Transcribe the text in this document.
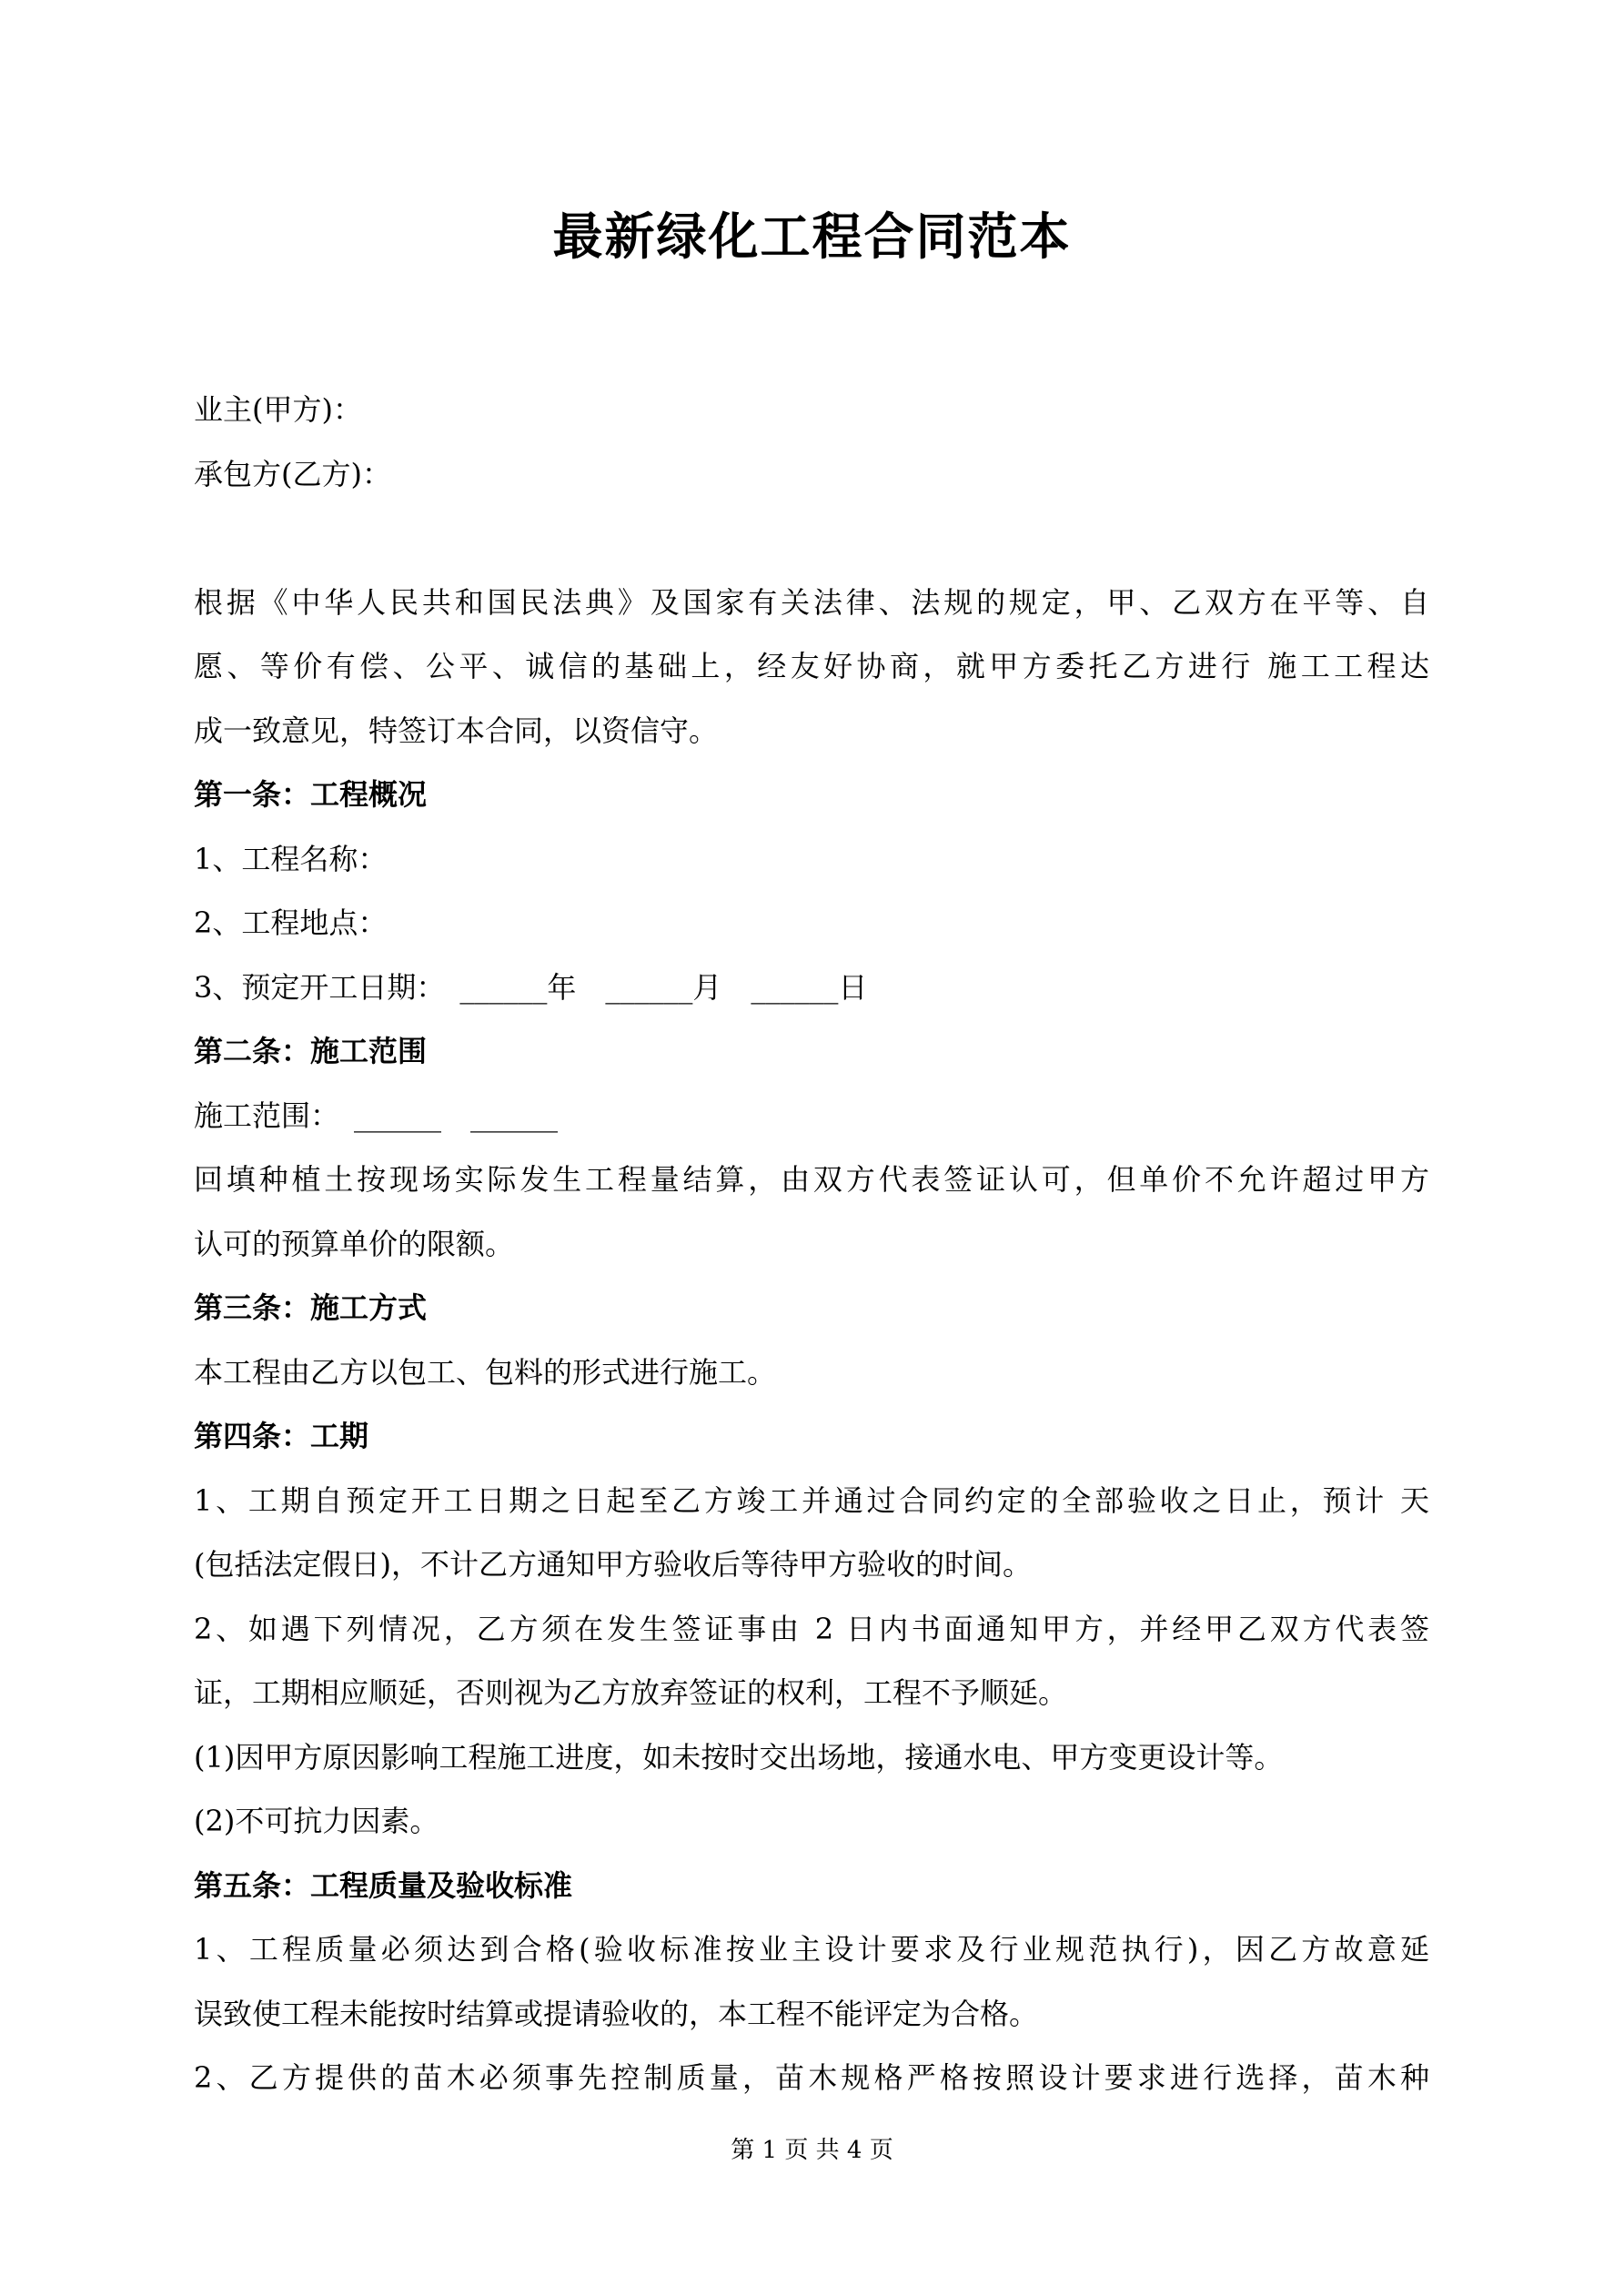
最新绿化工程合同范本
业主(甲方)：
承包方(乙方)：
根据《中华人民共和国民法典》及国家有关法律、法规的规定，甲、乙双方在平等、自
愿、等价有偿、公平、诚信的基础上，经友好协商，就甲方委托乙方进行 施工工程达
成一致意见，特签订本合同，以资信守。
第一条：工程概况
1、工程名称：
2、工程地点：
3、预定开工日期：　______年　______月　______日
第二条：施工范围
施工范围：　______　______
回填种植土按现场实际发生工程量结算，由双方代表签证认可，但单价不允许超过甲方
认可的预算单价的限额。
第三条：施工方式
本工程由乙方以包工、包料的形式进行施工。
第四条：工期
1、工期自预定开工日期之日起至乙方竣工并通过合同约定的全部验收之日止，预计 天
(包括法定假日)，不计乙方通知甲方验收后等待甲方验收的时间。
2、如遇下列情况，乙方须在发生签证事由 2 日内书面通知甲方，并经甲乙双方代表签
证，工期相应顺延，否则视为乙方放弃签证的权利，工程不予顺延。
(1)因甲方原因影响工程施工进度，如未按时交出场地，接通水电、甲方变更设计等。
(2)不可抗力因素。
第五条：工程质量及验收标准
1、工程质量必须达到合格(验收标准按业主设计要求及行业规范执行)，因乙方故意延
误致使工程未能按时结算或提请验收的，本工程不能评定为合格。
2、乙方提供的苗木必须事先控制质量，苗木规格严格按照设计要求进行选择，苗木种
第 1 页 共 4 页
